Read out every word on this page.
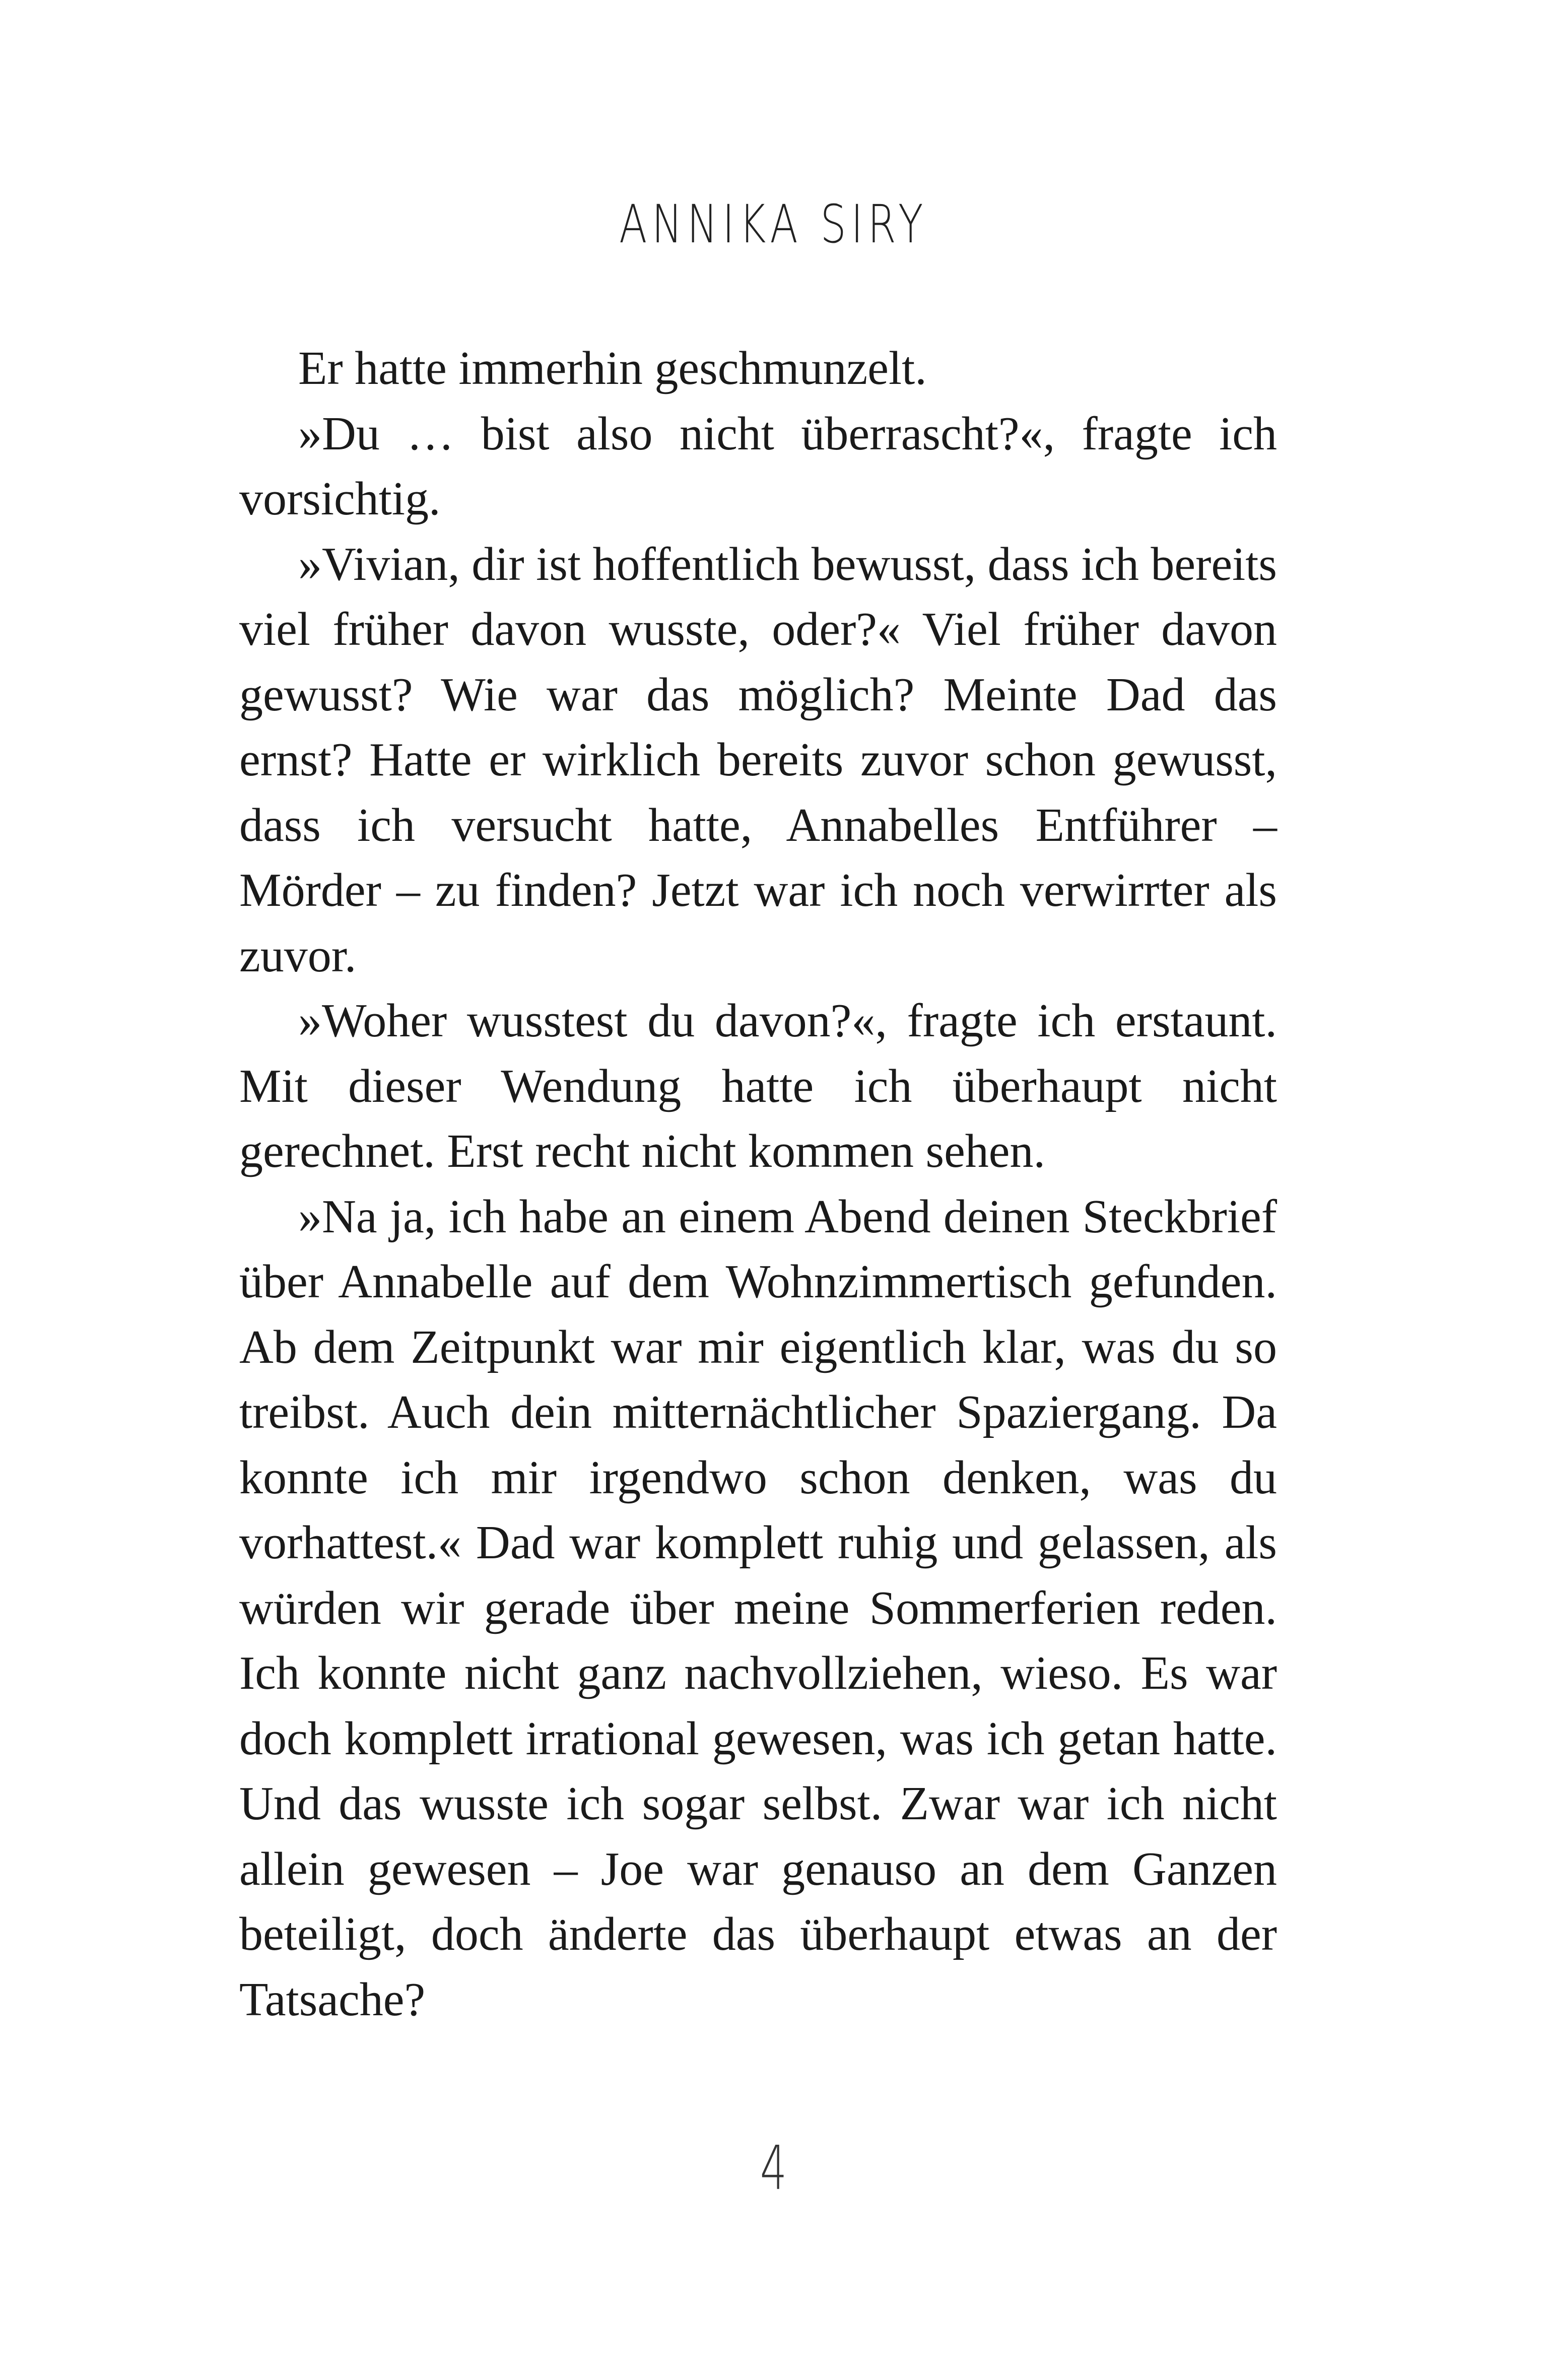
ANNIKA SIRY

Er hatte immerhin geschmunzelt.

»Du … bist also nicht überrascht?«, fragte ich vorsichtig.

»Vivian, dir ist hoffentlich bewusst, dass ich bereits viel früher davon wusste, oder?« Viel früher davon gewusst? Wie war das möglich? Meinte Dad das ernst? Hatte er wirklich bereits zuvor schon gewusst, dass ich versucht hatte, Annabelles Entführer – Mörder – zu finden? Jetzt war ich noch verwirrter als zuvor.

»Woher wusstest du davon?«, fragte ich erstaunt. Mit dieser Wendung hatte ich überhaupt nicht gerechnet. Erst recht nicht kommen sehen.

»Na ja, ich habe an einem Abend deinen Steckbrief über Annabelle auf dem Wohnzimmertisch gefunden. Ab dem Zeitpunkt war mir eigentlich klar, was du so treibst. Auch dein mitternächtlicher Spaziergang. Da konnte ich mir irgendwo schon denken, was du vorhattest.« Dad war komplett ruhig und gelassen, als würden wir gerade über meine Sommerferien reden. Ich konnte nicht ganz nachvollziehen, wieso. Es war doch komplett irrational gewesen, was ich getan hatte. Und das wusste ich sogar selbst. Zwar war ich nicht allein gewesen – Joe war genauso an dem Ganzen beteiligt, doch änderte das überhaupt etwas an der Tatsache?

4
